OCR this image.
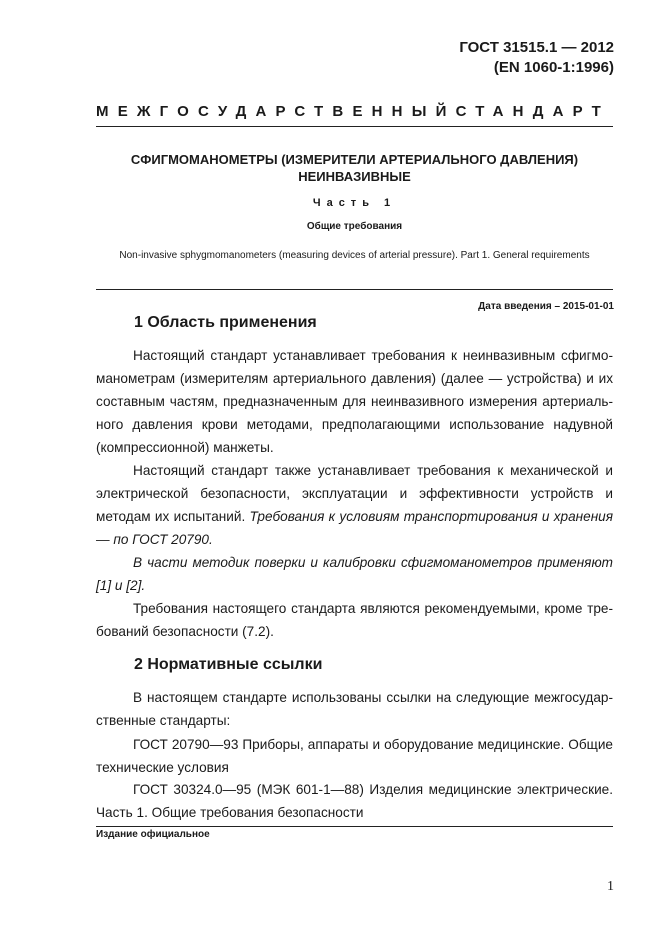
ГОСТ 31515.1 — 2012
(EN 1060-1:1996)
МЕЖГОСУДАРСТВЕННЫЙ СТАНДАРТ
СФИГМОМАНОМЕТРЫ (ИЗМЕРИТЕЛИ АРТЕРИАЛЬНОГО ДАВЛЕНИЯ)
НЕИНВАЗИВНЫЕ
Часть 1
Общие требования
Non-invasive sphygmomanometers (measuring devices of arterial pressure). Part 1. General requirements
Дата введения – 2015-01-01
1 Область применения
Настоящий стандарт устанавливает требования к неинвазивным сфигмоманометрам (измерителям артериального давления) (далее — устройства) и их составным частям, предназначенным для неинвазивного измерения артериального давления крови методами, предполагающими использование надувной (компрессионной) манжеты.
Настоящий стандарт также устанавливает требования к механической и электрической безопасности, эксплуатации и эффективности устройств и методам их испытаний. Требования к условиям транспортирования и хранения — по ГОСТ 20790.
В части методик поверки и калибровки сфигмоманометров применяют [1] и [2].
Требования настоящего стандарта являются рекомендуемыми, кроме требований безопасности (7.2).
2 Нормативные ссылки
В настоящем стандарте использованы ссылки на следующие межгосударственные стандарты:
ГОСТ 20790—93 Приборы, аппараты и оборудование медицинские. Общие технические условия
ГОСТ 30324.0—95 (МЭК 601-1—88) Изделия медицинские электрические. Часть 1. Общие требования безопасности
Издание официальное
1
